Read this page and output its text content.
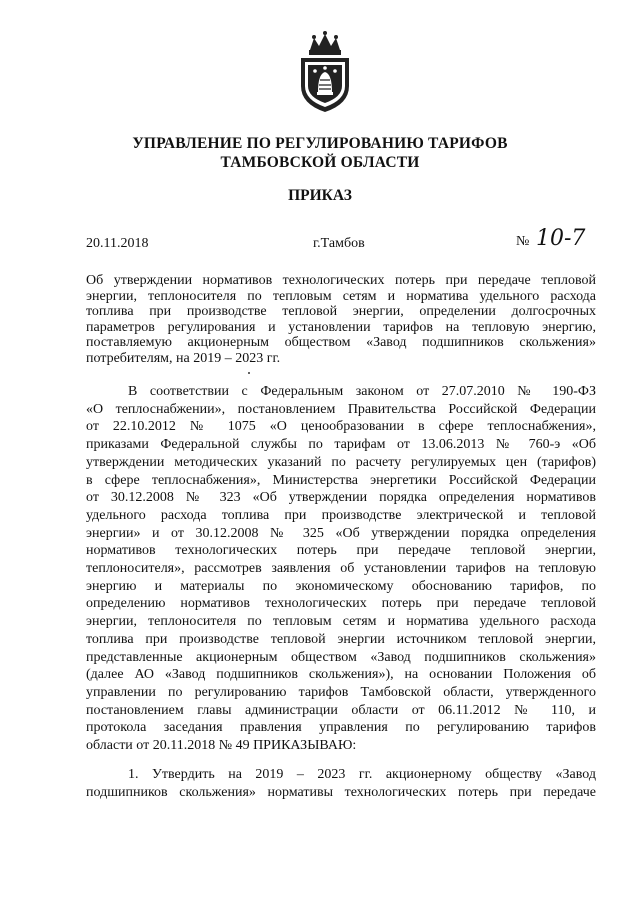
УПРАВЛЕНИЕ ПО РЕГУЛИРОВАНИЮ ТАРИФОВ
ТАМБОВСКОЙ ОБЛАСТИ
ПРИКАЗ
20.11.2018	г.Тамбов	№ 10-7
Об утверждении нормативов технологических потерь при передаче тепловой
энергии, теплоносителя по тепловым сетям и норматива удельного расхода
топлива при производстве тепловой энергии, определении долгосрочных
параметров регулирования и установлении тарифов на тепловую энергию,
поставляемую акционерным обществом «Завод подшипников скольжения»
потребителям, на 2019 – 2023 гг.
В соответствии с Федеральным законом от 27.07.2010 № 190-ФЗ
«О теплоснабжении», постановлением Правительства Российской Федерации
от 22.10.2012 № 1075 «О ценообразовании в сфере теплоснабжения»,
приказами Федеральной службы по тарифам от 13.06.2013 № 760-э «Об
утверждении методических указаний по расчету регулируемых цен (тарифов)
в сфере теплоснабжения», Министерства энергетики Российской Федерации
от 30.12.2008 № 323 «Об утверждении порядка определения нормативов
удельного расхода топлива при производстве электрической и тепловой
энергии» и от 30.12.2008 № 325 «Об утверждении порядка определения
нормативов технологических потерь при передаче тепловой энергии,
теплоносителя», рассмотрев заявления об установлении тарифов на тепловую
энергию и материалы по экономическому обоснованию тарифов, по
определению нормативов технологических потерь при передаче тепловой
энергии, теплоносителя по тепловым сетям и норматива удельного расхода
топлива при производстве тепловой энергии источником тепловой энергии,
представленные акционерным обществом «Завод подшипников скольжения»
(далее АО «Завод подшипников скольжения»), на основании Положения об
управлении по регулированию тарифов Тамбовской области, утвержденного
постановлением главы администрации области от 06.11.2012 № 110, и
протокола заседания правления управления по регулированию тарифов
области от 20.11.2018 № 49 ПРИКАЗЫВАЮ:
1. Утвердить на 2019 – 2023 гг. акционерному обществу «Завод
подшипников скольжения» нормативы технологических потерь при передаче
